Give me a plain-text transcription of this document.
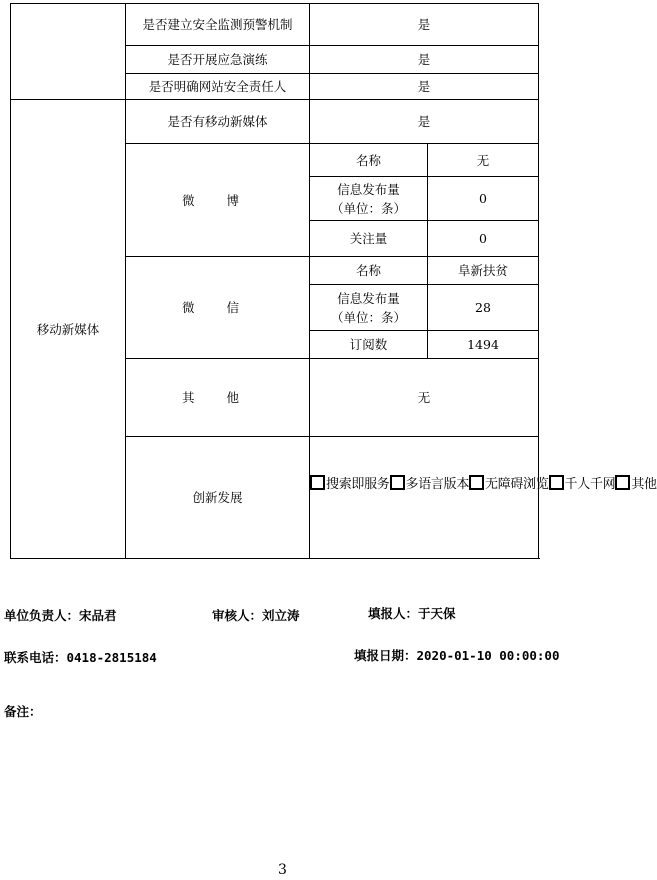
	是否建立安全监测预警机制	是	
	是否开展应急演练	是	
	是否明确网站安全责任人	是	
移动新媒体	是否有移动新媒体	是	
	微 博	名称	无
		信息发布量
（单位：条）	0
		关注量	0
	微 信	名称	阜新扶贫
		信息发布量
（单位：条）	28
		订阅数	1494
	其 他	无	
	创新发展	搜索即服务 多语言版本 无障碍浏览 千人千网 其他	
单位负责人：宋品君	审核人：刘立涛	填报人：于天保
联系电话：0418-2815184	填报日期：2020-01-10 00:00:00
备注：
3
